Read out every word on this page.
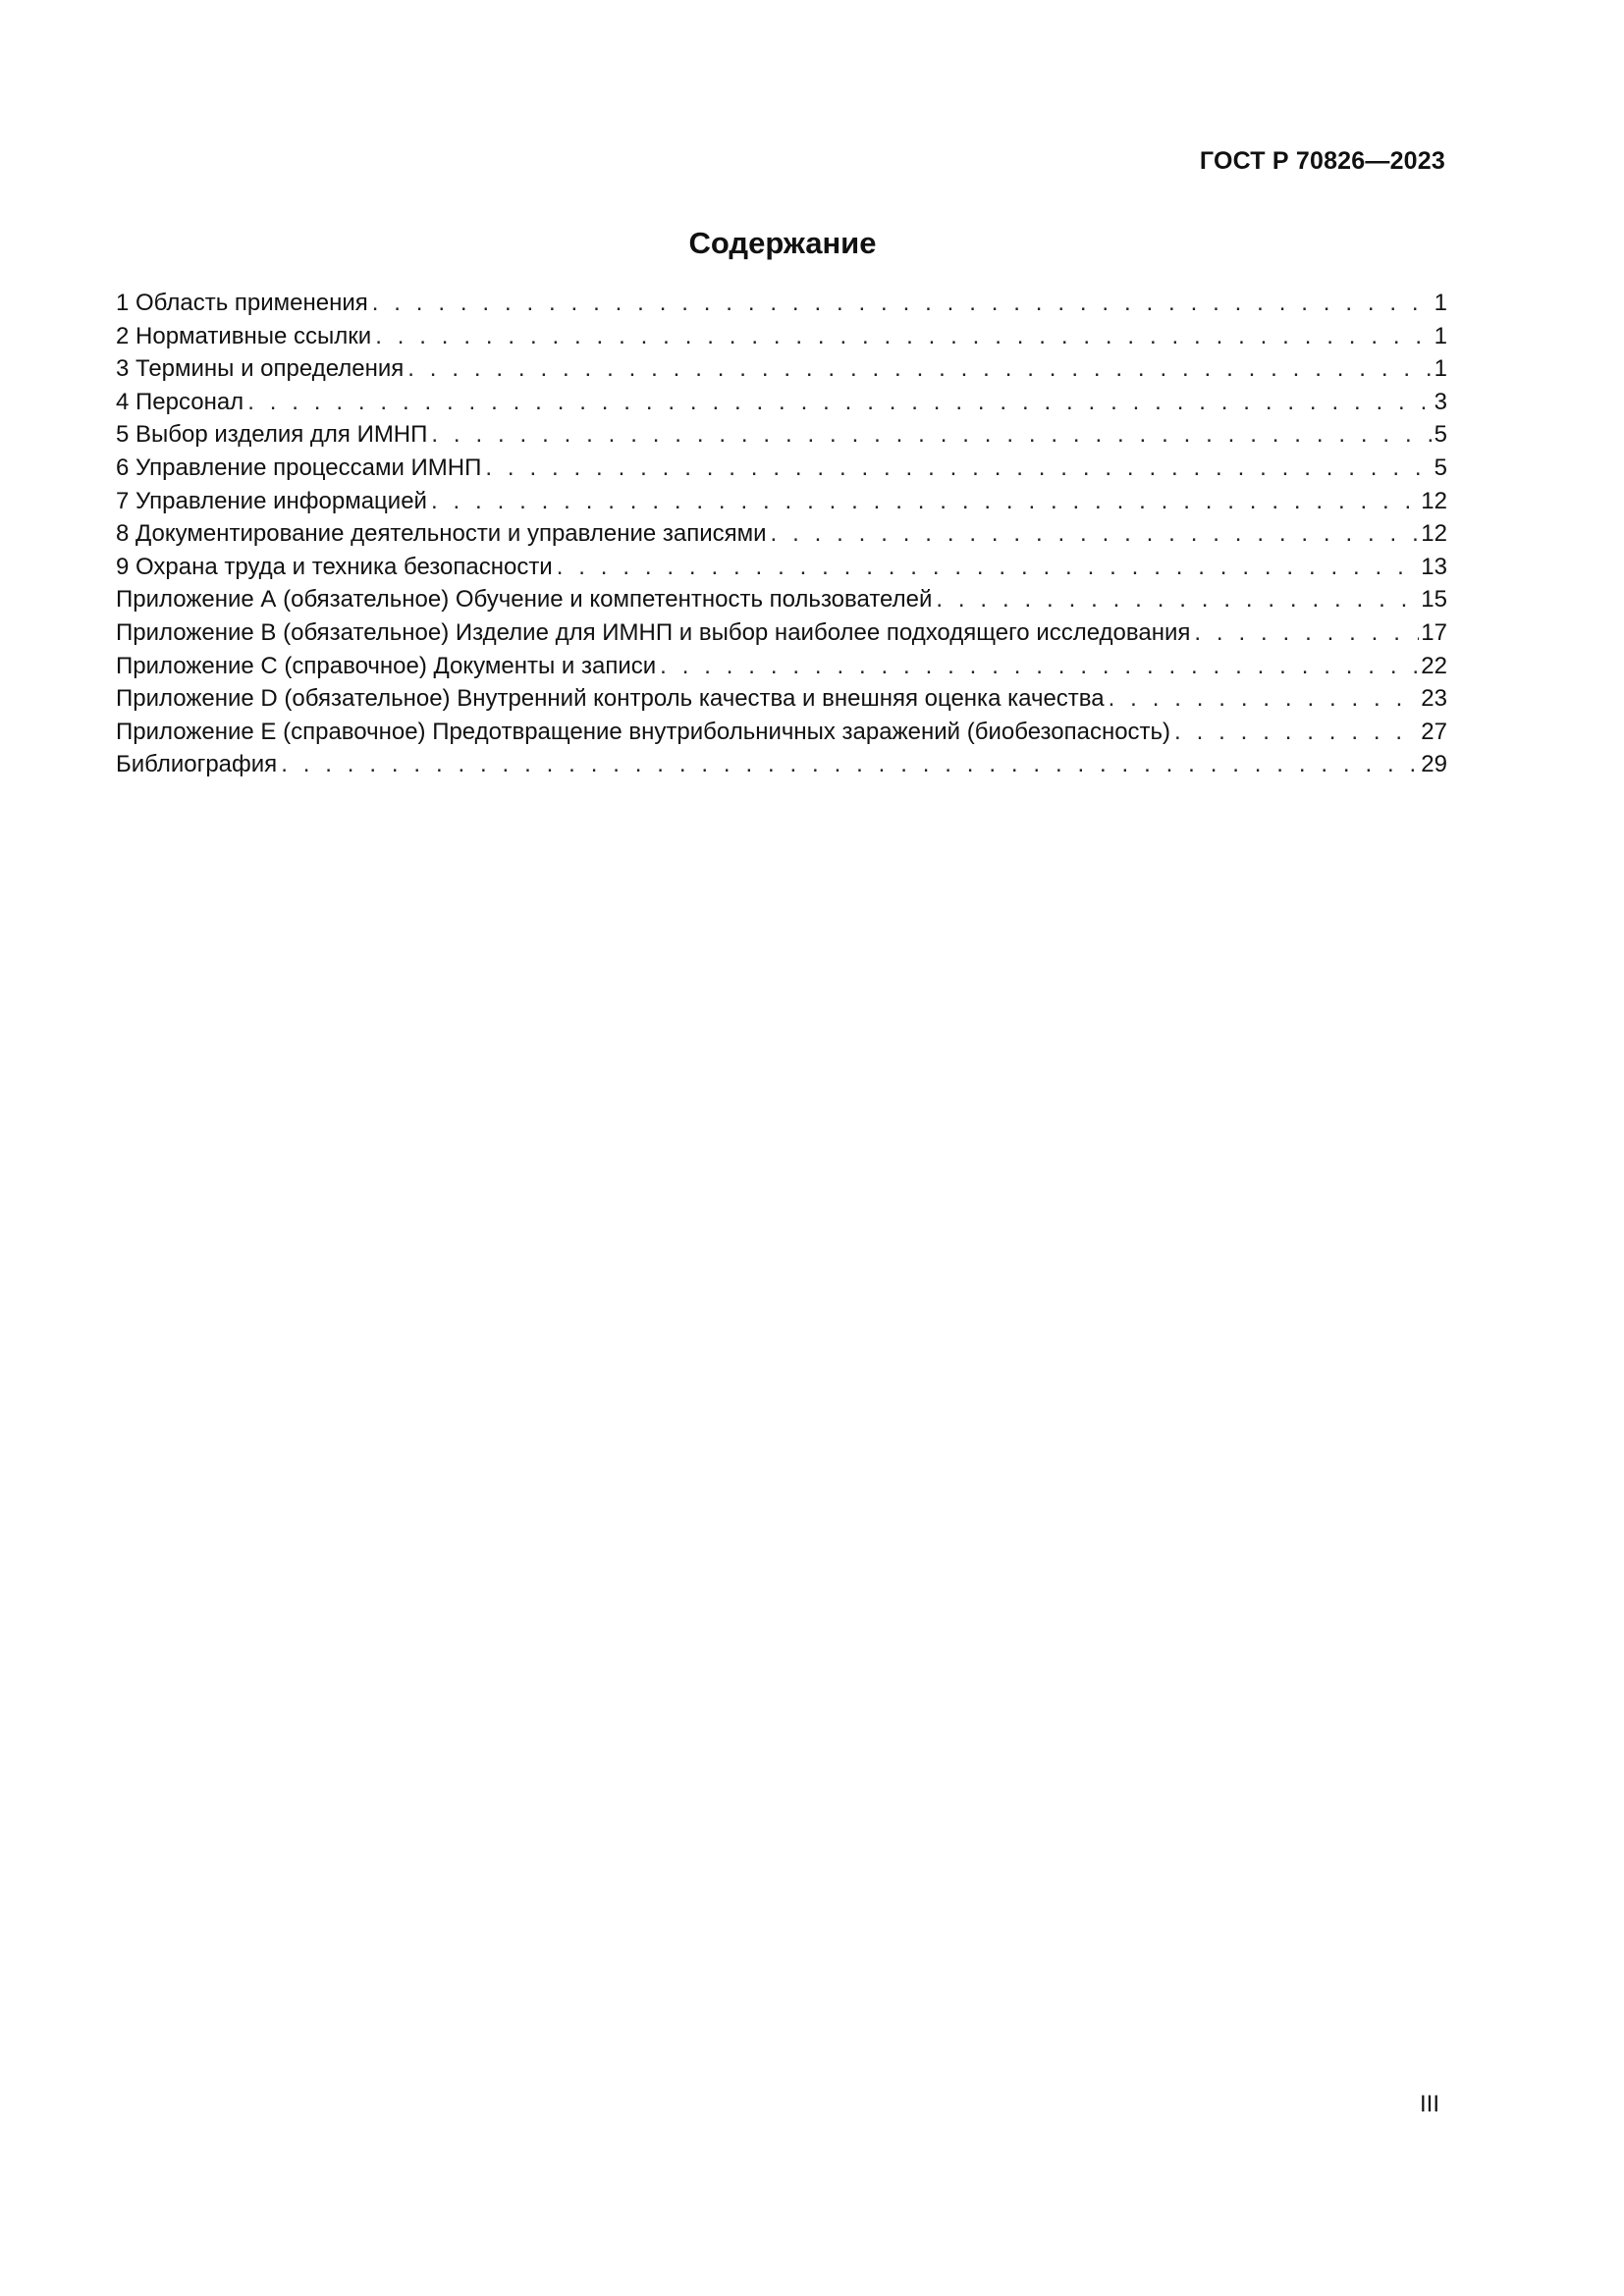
ГОСТ Р 70826—2023
Содержание
1 Область применения . . .	1
2 Нормативные ссылки . . .	1
3 Термины и определения . . .	1
4 Персонал . . .	3
5 Выбор изделия для ИМНП . . .	5
6 Управление процессами ИМНП . . .	5
7 Управление информацией . . .	12
8 Документирование деятельности и управление записями . . .	12
9 Охрана труда и техника безопасности . . .	13
Приложение А (обязательное) Обучение и компетентность пользователей . . .	15
Приложение В (обязательное) Изделие для ИМНП и выбор наиболее подходящего исследования . . .	17
Приложение С (справочное) Документы и записи . . .	22
Приложение D (обязательное) Внутренний контроль качества и внешняя оценка качества . . .	23
Приложение Е (справочное) Предотвращение внутрибольничных заражений (биобезопасность) . . .	27
Библиография . . .	29
III
